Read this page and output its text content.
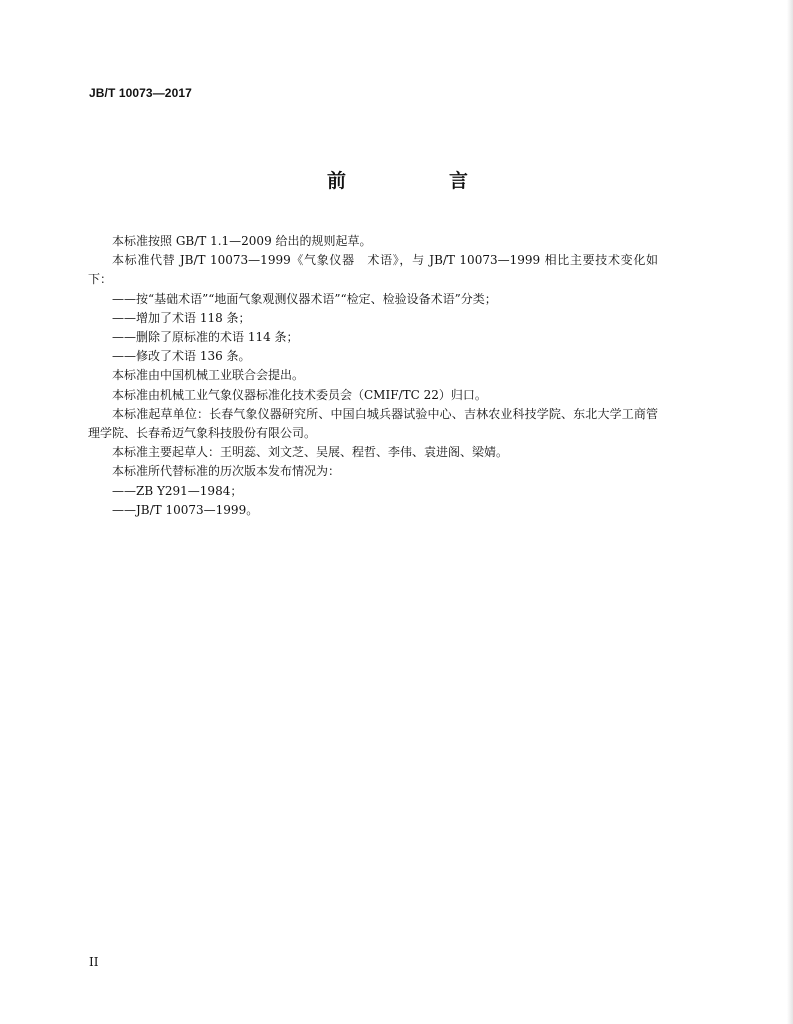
JB/T 10073—2017
前　言

本标准按照 GB/T 1.1—2009 给出的规则起草。

本标准代替 JB/T 10073—1999《气象仪器　术语》，与 JB/T 10073—1999 相比主要技术变化如下：

——按“基础术语”“地面气象观测仪器术语”“检定、检验设备术语”分类；

——增加了术语 118 条；

——删除了原标准的术语 114 条；

——修改了术语 136 条。

本标准由中国机械工业联合会提出。

本标准由机械工业气象仪器标准化技术委员会（CMIF/TC 22）归口。

本标准起草单位：长春气象仪器研究所、中国白城兵器试验中心、吉林农业科技学院、东北大学工商管理学院、长春希迈气象科技股份有限公司。

本标准主要起草人：王明蕊、刘文芝、吴展、程哲、李伟、袁进阁、梁婧。

本标准所代替标准的历次版本发布情况为：

——ZB Y291—1984；

——JB/T 10073—1999。

II
